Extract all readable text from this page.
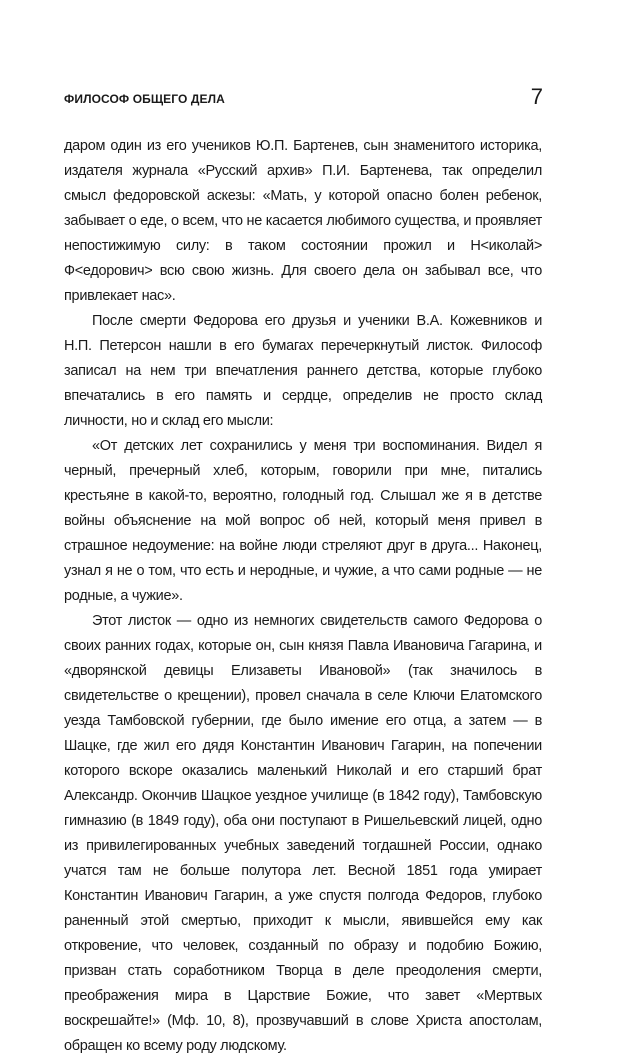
ФИЛОСОФ ОБЩЕГО ДЕЛА	7

даром один из его учеников Ю.П. Бартенев, сын знаменитого историка, издателя журнала «Русский архив» П.И. Бартенева, так определил смысл федоровской аскезы: «Мать, у которой опасно болен ребенок, забывает о еде, о всем, что не касается любимого существа, и проявляет непостижимую силу: в таком состоянии прожил и Н<иколай> Ф<едорович> всю свою жизнь. Для своего дела он забывал все, что привлекает нас».

После смерти Федорова его друзья и ученики В.А. Кожевников и Н.П. Петерсон нашли в его бумагах перечеркнутый листок. Философ записал на нем три впечатления раннего детства, которые глубоко впечатались в его память и сердце, определив не просто склад личности, но и склад его мысли:

«От детских лет сохранились у меня три воспоминания. Видел я черный, пречерный хлеб, которым, говорили при мне, питались крестьяне в какой-то, вероятно, голодный год. Слышал же я в детстве войны объяснение на мой вопрос об ней, который меня привел в страшное недоумение: на войне люди стреляют друг в друга... Наконец, узнал я не о том, что есть и неродные, и чужие, а что сами родные — не родные, а чужие».

Этот листок — одно из немногих свидетельств самого Федорова о своих ранних годах, которые он, сын князя Павла Ивановича Гагарина, и «дворянской девицы Елизаветы Ивановой» (так значилось в свидетельстве о крещении), провел сначала в селе Ключи Елатомского уезда Тамбовской губернии, где было имение его отца, а затем — в Шацке, где жил его дядя Константин Иванович Гагарин, на попечении которого вскоре оказались маленький Николай и его старший брат Александр. Окончив Шацкое уездное училище (в 1842 году), Тамбовскую гимназию (в 1849 году), оба они поступают в Ришельевский лицей, одно из привилегированных учебных заведений тогдашней России, однако учатся там не больше полутора лет. Весной 1851 года умирает Константин Иванович Гагарин, а уже спустя полгода Федоров, глубоко раненный этой смертью, приходит к мысли, явившейся ему как откровение, что человек, созданный по образу и подобию Божию, призван стать соработником Творца в деле преодоления смерти, преображения мира в Царствие Божие, что завет «Мертвых воскрешайте!» (Мф. 10, 8), прозвучавший в слове Христа апостолам, обращен ко всему роду людскому.
